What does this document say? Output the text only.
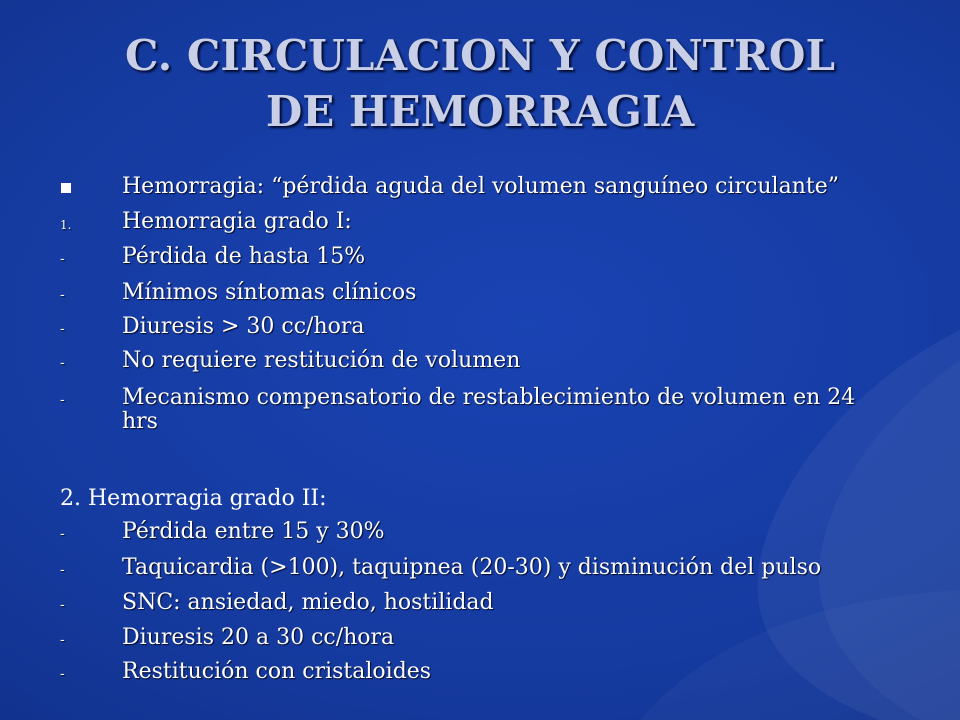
C. CIRCULACION Y CONTROL
DE HEMORRAGIA
Hemorragia: “pérdida aguda del volumen sanguíneo circulante”
1. Hemorragia grado I:
-	Pérdida de hasta 15%
-	Mínimos síntomas clínicos
-	Diuresis > 30 cc/hora
-	No requiere restitución de volumen
-	Mecanismo compensatorio de restablecimiento de volumen en 24 hrs
2. Hemorragia grado II:
-	Pérdida entre 15 y 30%
-	Taquicardia (>100), taquipnea (20-30) y disminución del pulso
-	SNC: ansiedad, miedo, hostilidad
-	Diuresis 20 a 30 cc/hora
-	Restitución con cristaloides
